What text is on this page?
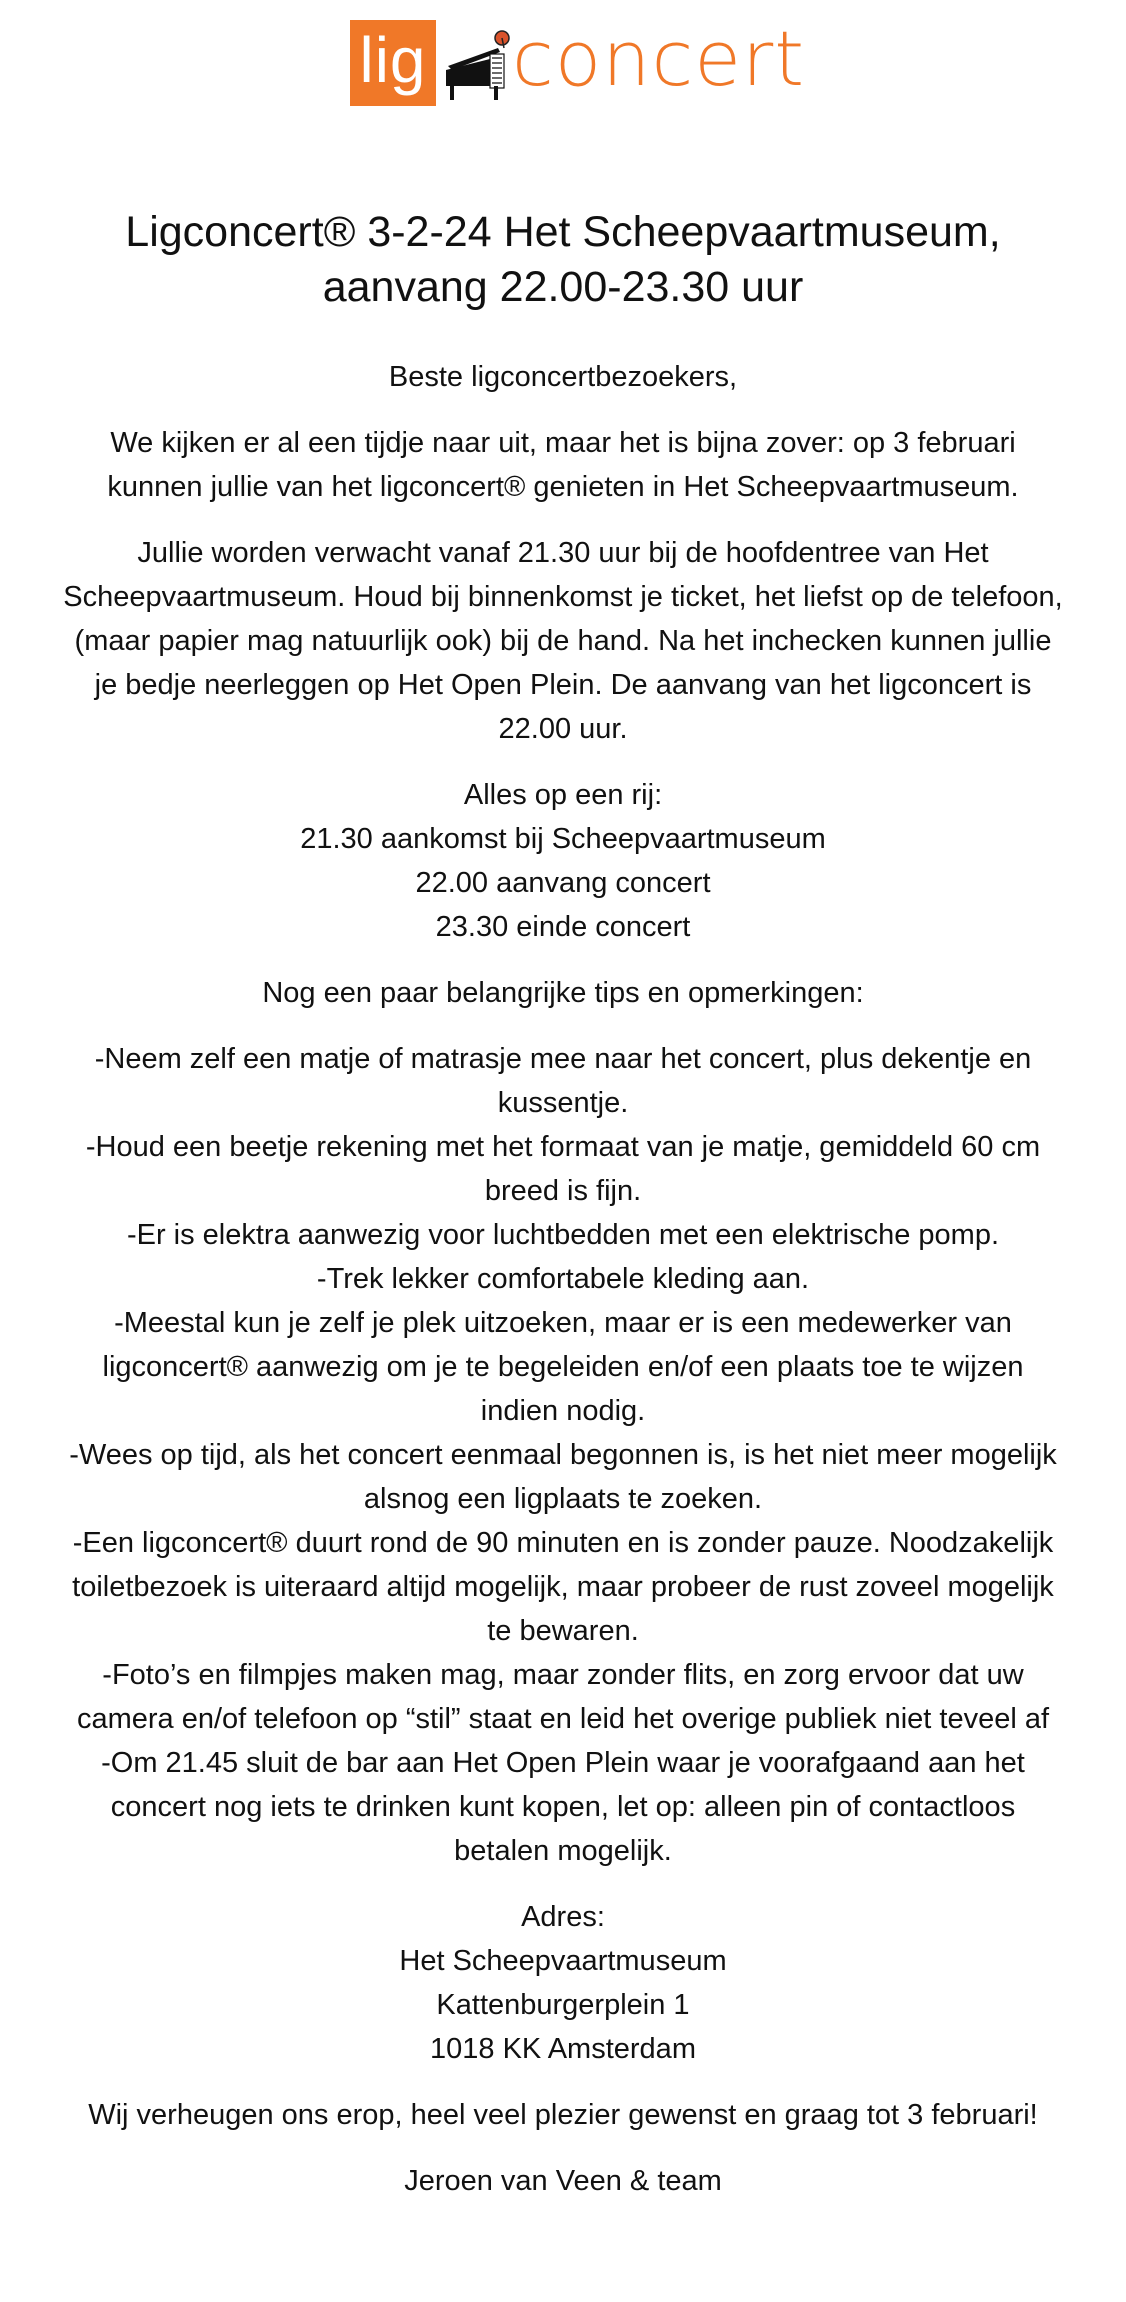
lig concert
Ligconcert® 3-2-24 Het Scheepvaartmuseum, aanvang 22.00-23.30 uur

Beste ligconcertbezoekers,

We kijken er al een tijdje naar uit, maar het is bijna zover: op 3 februari kunnen jullie van het ligconcert® genieten in Het Scheepvaartmuseum.

Jullie worden verwacht vanaf 21.30 uur bij de hoofdentree van Het Scheepvaartmuseum. Houd bij binnenkomst je ticket, het liefst op de telefoon, (maar papier mag natuurlijk ook) bij de hand. Na het inchecken kunnen jullie je bedje neerleggen op Het Open Plein. De aanvang van het ligconcert is 22.00 uur.

Alles op een rij:
21.30 aankomst bij Scheepvaartmuseum
22.00 aanvang concert
23.30 einde concert

Nog een paar belangrijke tips en opmerkingen:

-Neem zelf een matje of matrasje mee naar het concert, plus dekentje en kussentje.
-Houd een beetje rekening met het formaat van je matje, gemiddeld 60 cm breed is fijn.
-Er is elektra aanwezig voor luchtbedden met een elektrische pomp.
-Trek lekker comfortabele kleding aan.
-Meestal kun je zelf je plek uitzoeken, maar er is een medewerker van ligconcert® aanwezig om je te begeleiden en/of een plaats toe te wijzen indien nodig.
-Wees op tijd, als het concert eenmaal begonnen is, is het niet meer mogelijk alsnog een ligplaats te zoeken.
-Een ligconcert® duurt rond de 90 minuten en is zonder pauze. Noodzakelijk toiletbezoek is uiteraard altijd mogelijk, maar probeer de rust zoveel mogelijk te bewaren.
-Foto’s en filmpjes maken mag, maar zonder flits, en zorg ervoor dat uw camera en/of telefoon op “stil” staat en leid het overige publiek niet teveel af
-Om 21.45 sluit de bar aan Het Open Plein waar je voorafgaand aan het concert nog iets te drinken kunt kopen, let op: alleen pin of contactloos betalen mogelijk.

Adres:
Het Scheepvaartmuseum
Kattenburgerplein 1
1018 KK Amsterdam

Wij verheugen ons erop, heel veel plezier gewenst en graag tot 3 februari!

Jeroen van Veen & team
